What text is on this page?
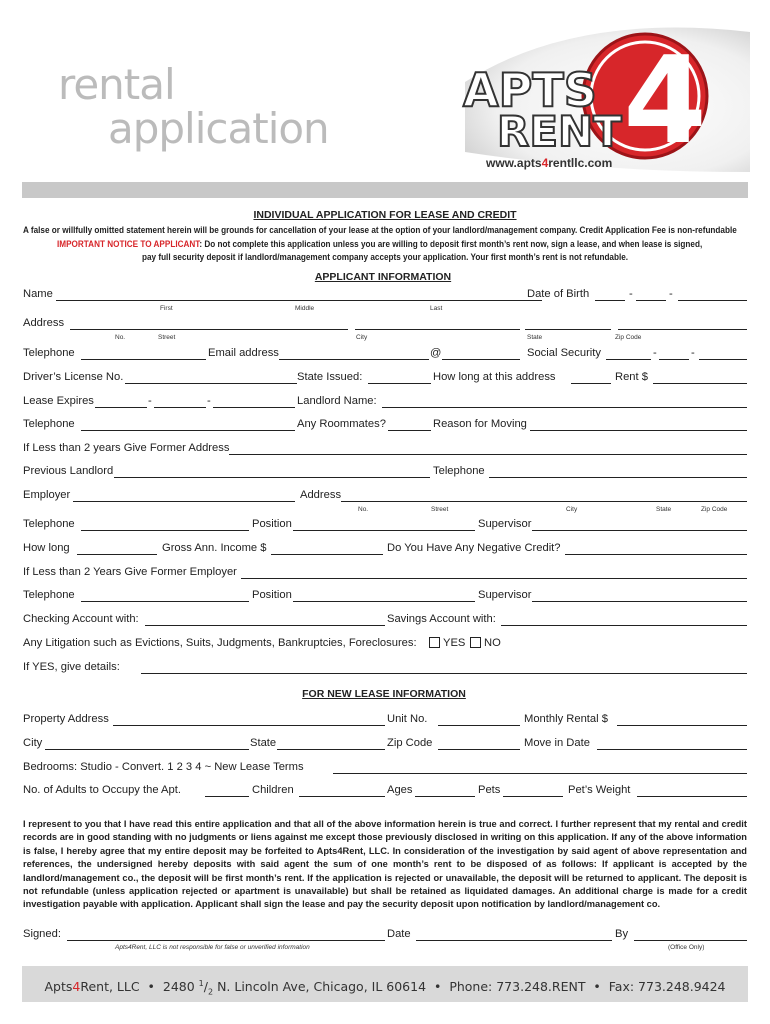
rental
application 4
APTS
RENT
www.apts4rentllc.com
INDIVIDUAL APPLICATION FOR LEASE AND CREDIT
A false or willfully omitted statement herein will be grounds for cancellation of your lease at the option of your landlord/management company. Credit Application Fee is non-refundable
IMPORTANT NOTICE TO APPLICANT: Do not complete this application unless you are willing to deposit first month’s rent now, sign a lease, and when lease is signed,
pay full security deposit if landlord/management company accepts your application. Your first month’s rent is not refundable.
APPLICANT INFORMATION
Name	Date of Birth	-	-
First	Middle	Last
Address
No.	Street	City	State	Zip Code
Telephone	Email address	@	Social Security	-	-
Driver’s License No.	State Issued:	How long at this address	Rent $
Lease Expires	-	-	Landlord Name:
Telephone	Any Roommates?	Reason for Moving
If Less than 2 years Give Former Address
Previous Landlord	Telephone
Employer	Address
No.	Street	City	State	Zip Code
Telephone	Position	Supervisor
How long	Gross Ann. Income $	Do You Have Any Negative Credit?
If Less than 2 Years Give Former Employer
Telephone	Position	Supervisor
Checking Account with:	Savings Account with:
Any Litigation such as Evictions, Suits, Judgments, Bankruptcies, Foreclosures: YES NO
If YES, give details:
FOR NEW LEASE INFORMATION
Property Address	Unit No.	Monthly Rental $
City	State	Zip Code	Move in Date
Bedrooms: Studio - Convert. 1 2 3 4 ~ New Lease Terms
No. of Adults to Occupy the Apt.	Children	Ages	Pets	Pet’s Weight
I represent to you that I have read this entire application and that all of the above information herein is true and correct. I further represent that my rental and credit records are in good standing with no judgments or liens against me except those previously disclosed in writing on this application. If any of the above information is false, I hereby agree that my entire deposit may be forfeited to Apts4Rent, LLC. In consideration of the investigation by said agent of above representation and references, the undersigned hereby deposits with said agent the sum of one month’s rent to be disposed of as follows: If applicant is accepted by the landlord/management co., the deposit will be first month’s rent. If the application is rejected or unavailable, the deposit will be returned to applicant. The deposit is not refundable (unless application rejected or apartment is unavailable) but shall be retained as liquidated damages. An additional charge is made for a credit investigation payable with application. Applicant shall sign the lease and pay the security deposit upon notification by landlord/management co.
Signed:	Date	By
Apts4Rent, LLC is not responsible for false or unverified information	(Office Only)
Apts4Rent, LLC • 2480 $^1/_2$ N. Lincoln Ave, Chicago, IL 60614 • Phone: 773.248.RENT • Fax: 773.248.9424
